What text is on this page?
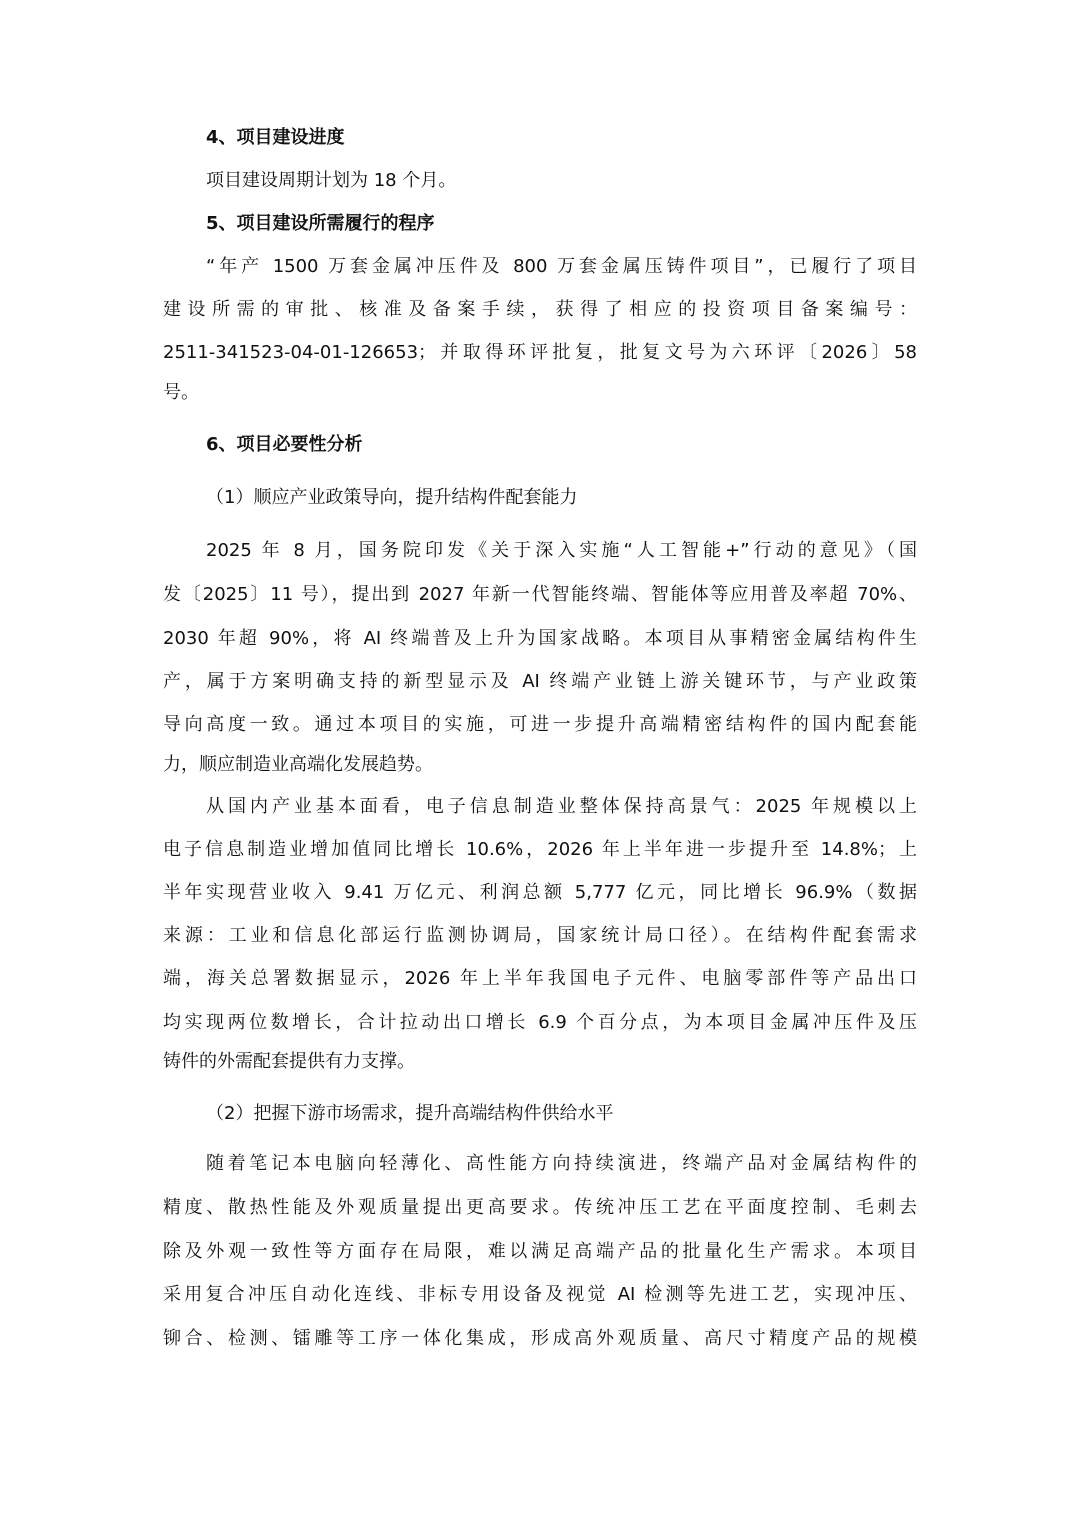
4、项目建设进度

项目建设周期计划为 18 个月。

5、项目建设所需履行的程序

“年产 1500 万套金属冲压件及 800 万套金属压铸件项目”，已履行了项目

建设所需的审批、核准及备案手续，获得了相应的投资项目备案编号：

2511-341523-04-01-126653；并取得环评批复，批复文号为六环评〔2026〕58

号。

6、项目必要性分析

（1）顺应产业政策导向，提升结构件配套能力

2025 年 8 月，国务院印发《关于深入实施“人工智能+”行动的意见》（国

发〔2025〕11 号），提出到 2027 年新一代智能终端、智能体等应用普及率超 70%、

2030 年超 90%，将 AI 终端普及上升为国家战略。本项目从事精密金属结构件生

产，属于方案明确支持的新型显示及 AI 终端产业链上游关键环节，与产业政策

导向高度一致。通过本项目的实施，可进一步提升高端精密结构件的国内配套能

力，顺应制造业高端化发展趋势。

从国内产业基本面看，电子信息制造业整体保持高景气：2025 年规模以上

电子信息制造业增加值同比增长 10.6%，2026 年上半年进一步提升至 14.8%；上

半年实现营业收入 9.41 万亿元、利润总额 5,777 亿元，同比增长 96.9%（数据

来源：工业和信息化部运行监测协调局，国家统计局口径）。在结构件配套需求

端，海关总署数据显示，2026 年上半年我国电子元件、电脑零部件等产品出口

均实现两位数增长，合计拉动出口增长 6.9 个百分点，为本项目金属冲压件及压

铸件的外需配套提供有力支撑。

（2）把握下游市场需求，提升高端结构件供给水平

随着笔记本电脑向轻薄化、高性能方向持续演进，终端产品对金属结构件的

精度、散热性能及外观质量提出更高要求。传统冲压工艺在平面度控制、毛刺去

除及外观一致性等方面存在局限，难以满足高端产品的批量化生产需求。本项目

采用复合冲压自动化连线、非标专用设备及视觉 AI 检测等先进工艺，实现冲压、

铆合、检测、镭雕等工序一体化集成，形成高外观质量、高尺寸精度产品的规模
